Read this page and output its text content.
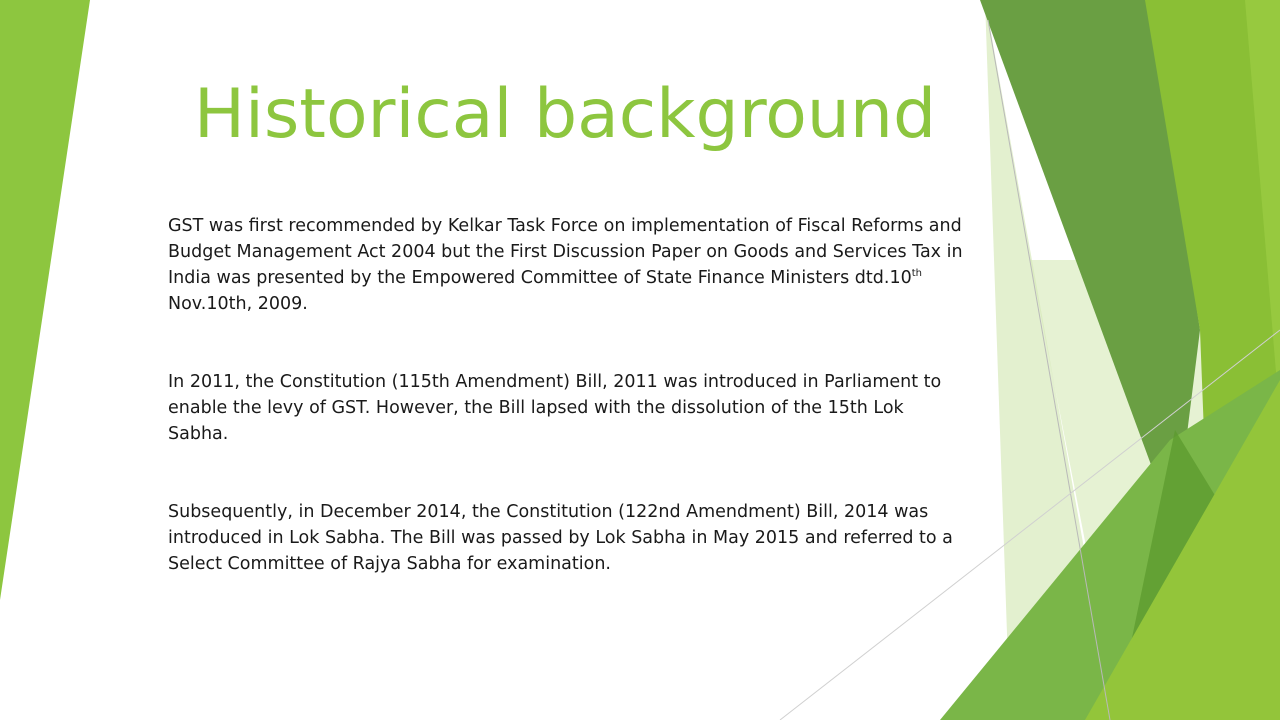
Historical background

GST was first recommended by Kelkar Task Force on implementation of Fiscal Reforms and Budget Management Act 2004 but the First Discussion Paper on Goods and Services Tax in India was presented by the Empowered Committee of State Finance Ministers dtd.10th Nov.10th, 2009.

In 2011, the Constitution (115th Amendment) Bill, 2011 was introduced in Parliament to enable the levy of GST. However, the Bill lapsed with the dissolution of the 15th Lok Sabha.

Subsequently, in December 2014, the Constitution (122nd Amendment) Bill, 2014 was introduced in Lok Sabha. The Bill was passed by Lok Sabha in May 2015 and referred to a Select Committee of Rajya Sabha for examination.
